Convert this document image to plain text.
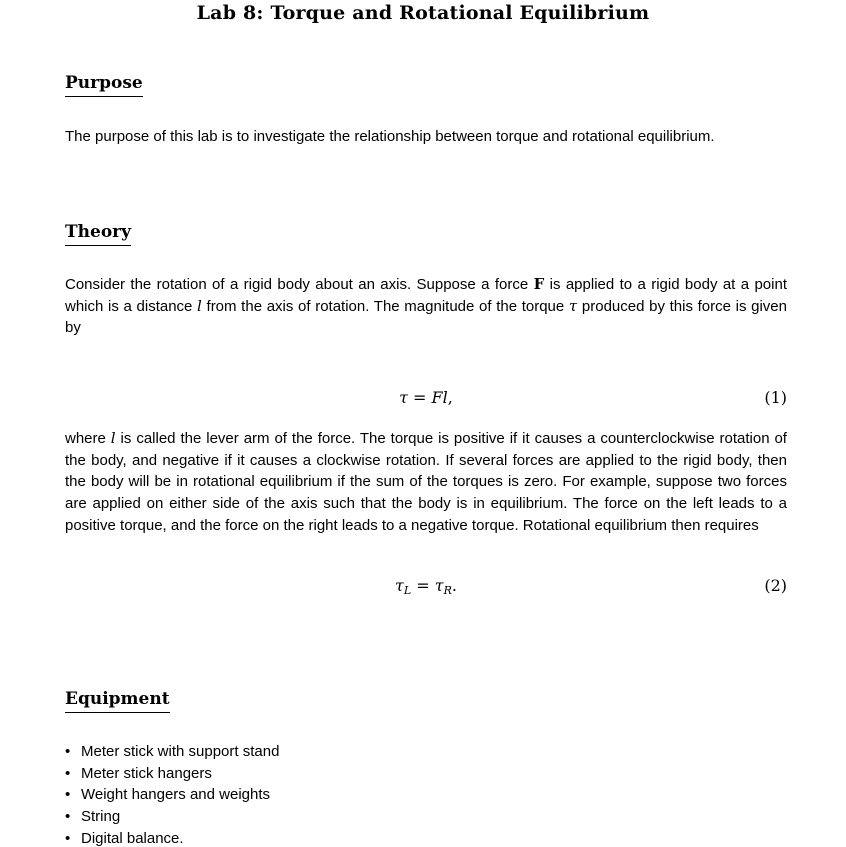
Lab 8: Torque and Rotational Equilibrium
Purpose
The purpose of this lab is to investigate the relationship between torque and rotational equilibrium.
Theory
Consider the rotation of a rigid body about an axis. Suppose a force F is applied to a rigid body at a point which is a distance l from the axis of rotation. The magnitude of the torque τ produced by this force is given by
τ = Fl,	(1)
where l is called the lever arm of the force. The torque is positive if it causes a counterclockwise rotation of the body, and negative if it causes a clockwise rotation. If several forces are applied to the rigid body, then the body will be in rotational equilibrium if the sum of the torques is zero. For example, suppose two forces are applied on either side of the axis such that the body is in equilibrium. The force on the left leads to a positive torque, and the force on the right leads to a negative torque. Rotational equilibrium then requires
$\tau_L = \tau_R$.	(2)
Equipment
• Meter stick with support stand
• Meter stick hangers
• Weight hangers and weights
• String
• Digital balance.
